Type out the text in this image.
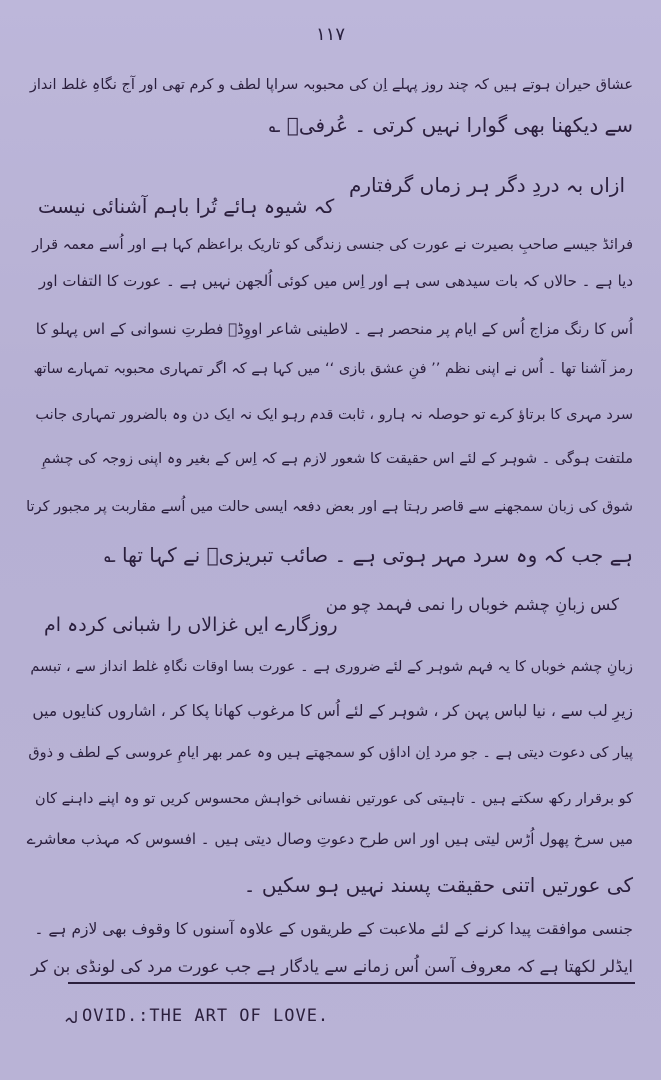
۱۱۷
عشاق حیران ہوتے ہیں کہ چند روز پہلے اِن کی محبوبہ سراپا لطف و کرم تھی اور آج نگاہِ غلط انداز
سے دیکھنا بھی گوارا نہیں کرتی ۔ عُرفیؔ ؎
ازاں بہ دردِ دگر ہر زماں گرفتارم
کہ شیوہ ہائے تُرا باہم آشنائی نیست
فرائڈ جیسے صاحبِ بصیرت نے عورت کی جنسی زندگی کو تاریک براعظم کہا ہے اور اُسے معمہ قرار
دیا ہے ۔ حالاں کہ بات سیدھی سی ہے اور اِس میں کوئی اُلجھن نہیں ہے ۔ عورت کا التفات اور
اُس کا رنگ مزاج اُس کے ایام پر منحصر ہے ۔ لاطینی شاعر اووِڈؔ فطرتِ نسوانی کے اس پہلو کا
رمز آشنا تھا ۔ اُس نے اپنی نظم ’’ فنِ عشق بازی ‘‘ میں کہا ہے کہ اگر تمہاری محبوبہ تمہارے ساتھ
سرد مہری کا برتاؤ کرے تو حوصلہ نہ ہارو ، ثابت قدم رہو ایک نہ ایک دن وہ بالضرور تمہاری جانب
ملتفت ہوگی ۔ شوہر کے لئے اس حقیقت کا شعور لازم ہے کہ اِس کے بغیر وہ اپنی زوجہ کی چشمِ
شوق کی زبان سمجھنے سے قاصر رہتا ہے اور بعض دفعہ ایسی حالت میں اُسے مقاربت پر مجبور کرتا
ہے جب کہ وہ سرد مہر ہوتی ہے ۔ صائب تبریزیؔ نے کہا تھا ؎
کس زبانِ چشم خوباں را نمی فہمد چو من
روزگارے ایں غزالاں را شبانی کردہ ام
زبانِ چشم خوباں کا یہ فہم شوہر کے لئے ضروری ہے ۔ عورت بسا اوقات نگاہِ غلط انداز سے ، تبسم
زیرِ لب سے ، نیا لباس پہن کر ، شوہر کے لئے اُس کا مرغوب کھانا پکا کر ، اشاروں کنایوں میں
پیار کی دعوت دیتی ہے ۔ جو مرد اِن اداؤں کو سمجھتے ہیں وہ عمر بھر ایامِ عروسی کے لطف و ذوق
کو برقرار رکھ سکتے ہیں ۔ تاہیتی کی عورتیں نفسانی خواہش محسوس کریں تو وہ اپنے داہنے کان
میں سرخ پھول اُڑس لیتی ہیں اور اس طرح دعوتِ وصال دیتی ہیں ۔ افسوس کہ مہذب معاشرے
کی عورتیں اتنی حقیقت پسند نہیں ہو سکیں ۔
جنسی موافقت پیدا کرنے کے لئے ملاعبت کے طریقوں کے علاوہ آسنوں کا وقوف بھی لازم ہے ۔
ایڈلر لکھتا ہے کہ معروف آسن اُس زمانے سے یادگار ہے جب عورت مرد کی لونڈی بن کر
لہ OVID.:THE ART OF LOVE.
